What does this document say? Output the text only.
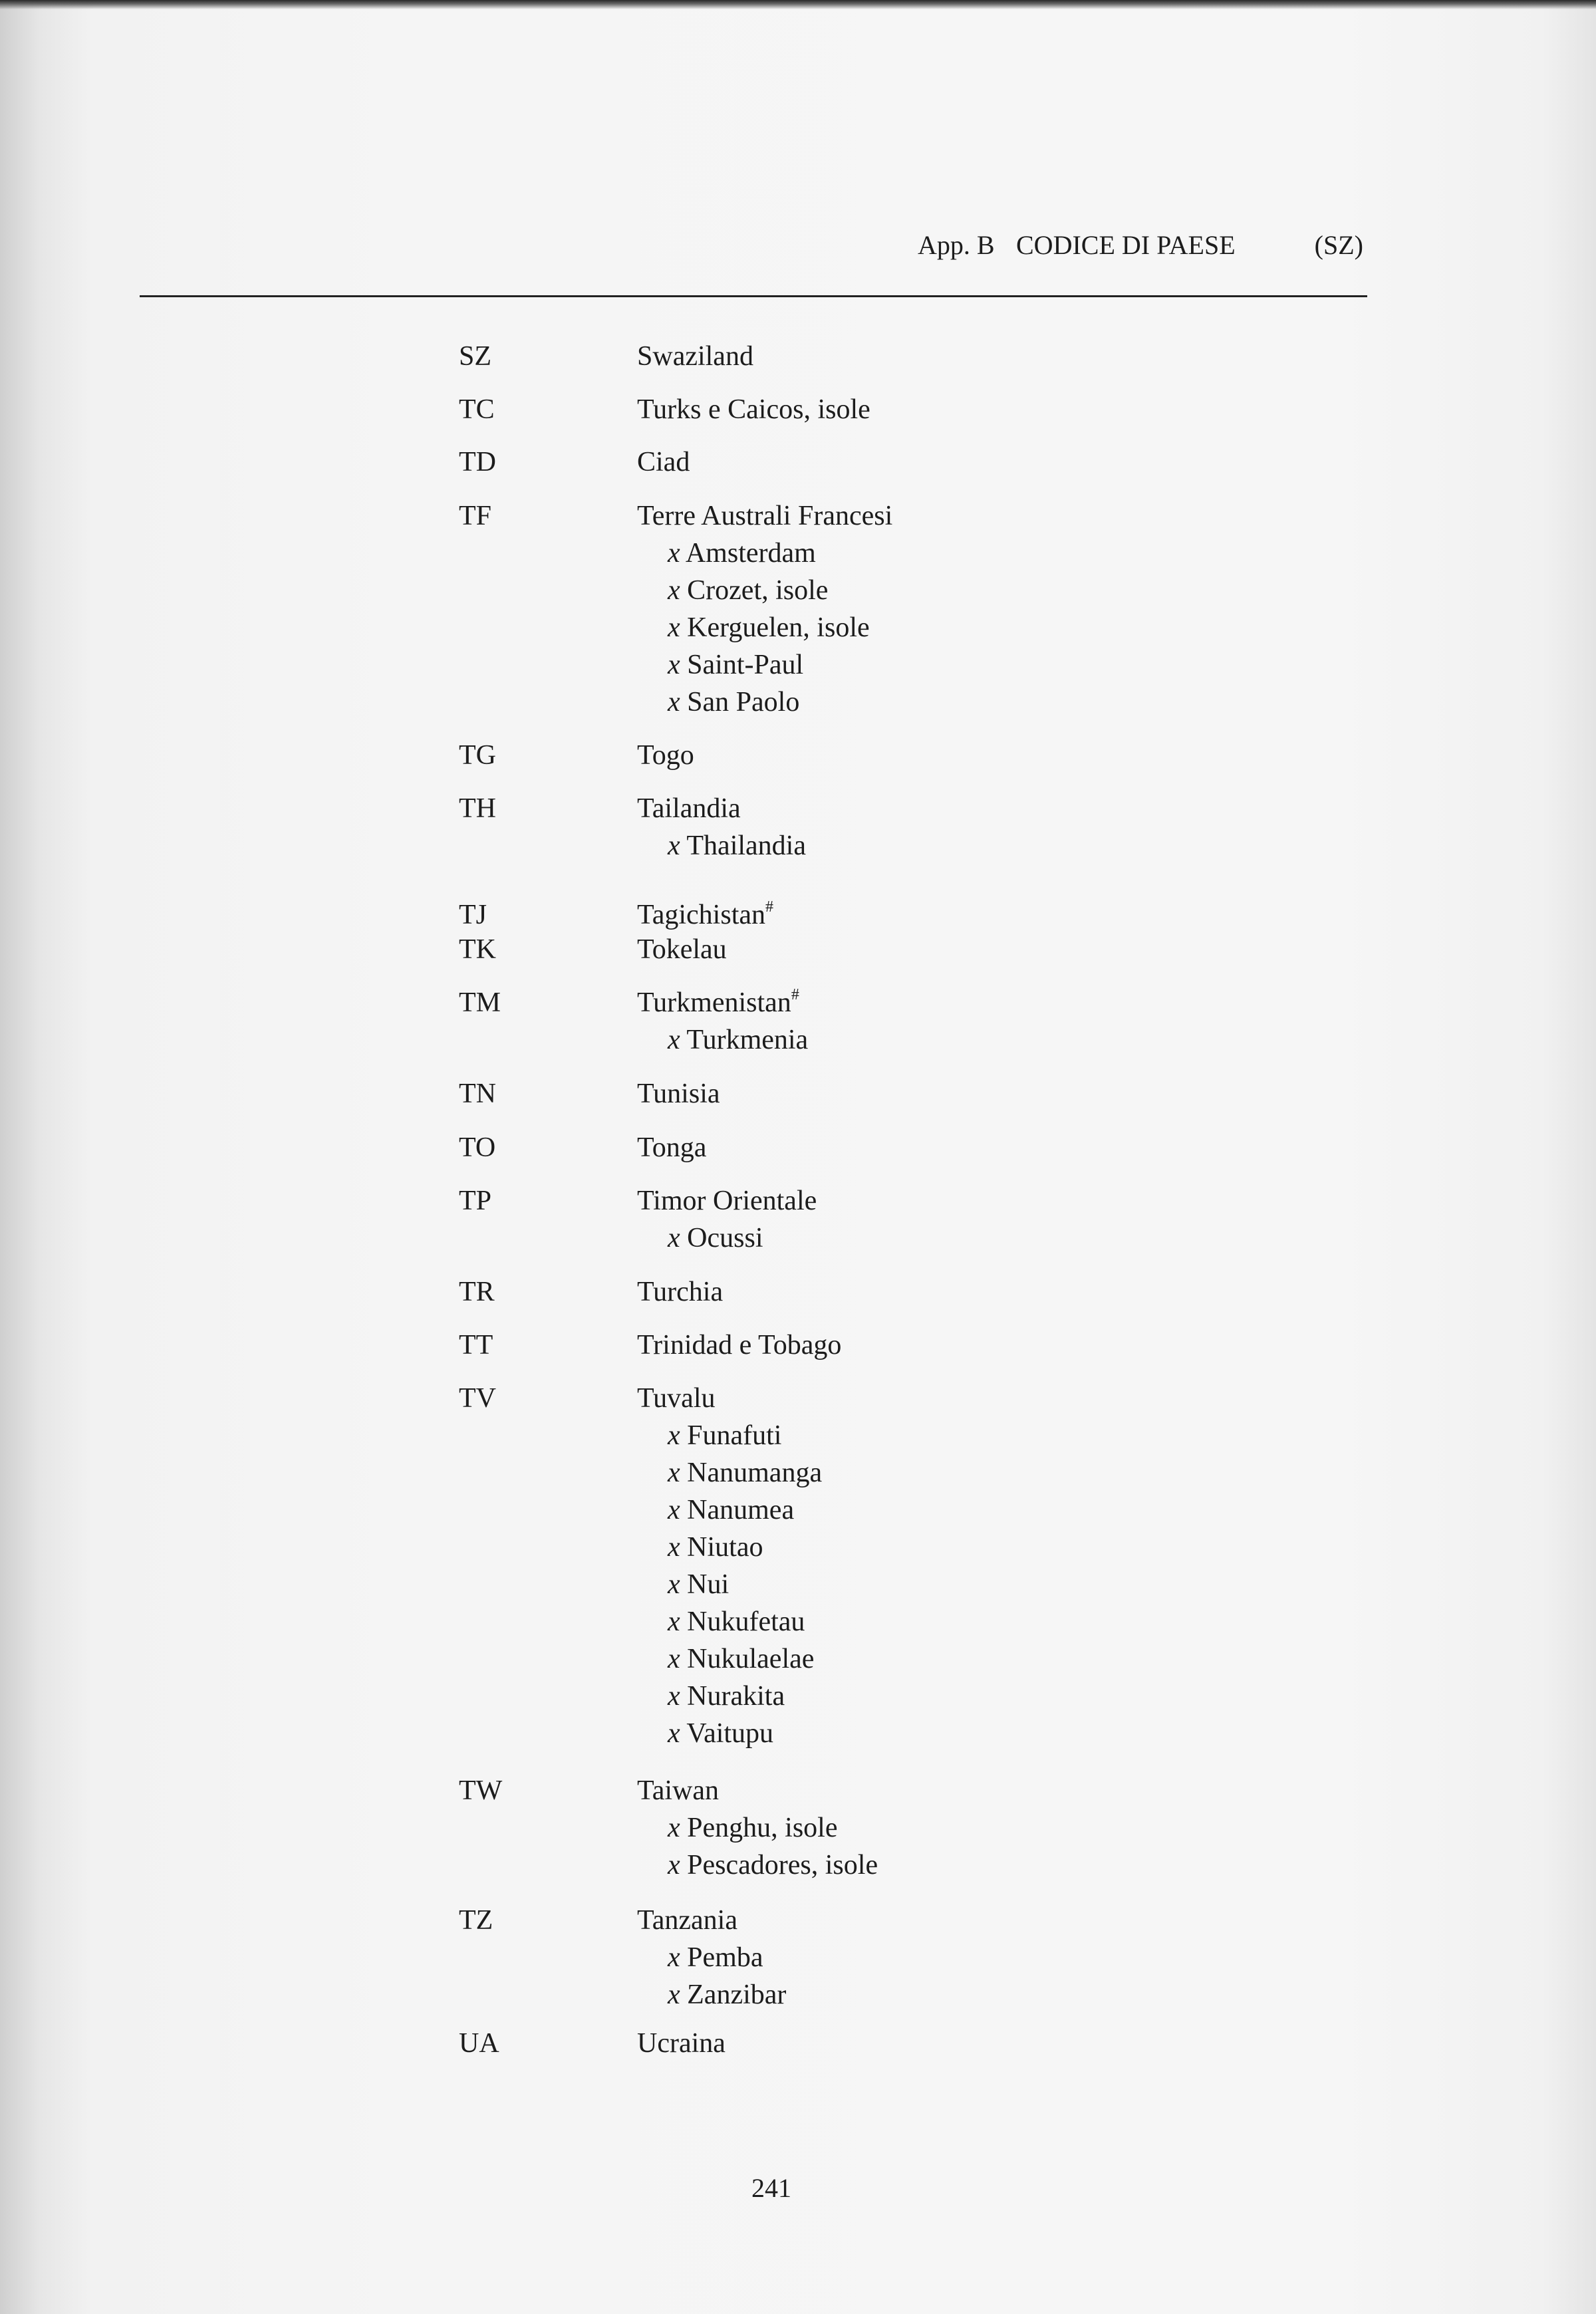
App. B CODICE DI PAESE	(SZ)
SZ	Swaziland
TC	Turks e Caicos, isole
TD	Ciad
TF	Terre Australi Francesi
x Amsterdam
x Crozet, isole
x Kerguelen, isole
x Saint-Paul
x San Paolo
TG	Togo
TH	Tailandia
x Thailandia
TJ	Tagichistan#
TK	Tokelau
TM	Turkmenistan#
x Turkmenia
TN	Tunisia
TO	Tonga
TP	Timor Orientale
x Ocussi
TR	Turchia
TT	Trinidad e Tobago
TV	Tuvalu
x Funafuti
x Nanumanga
x Nanumea
x Niutao
x Nui
x Nukufetau
x Nukulaelae
x Nurakita
x Vaitupu
TW	Taiwan
x Penghu, isole
x Pescadores, isole
TZ	Tanzania
x Pemba
x Zanzibar
UA	Ucraina
241
